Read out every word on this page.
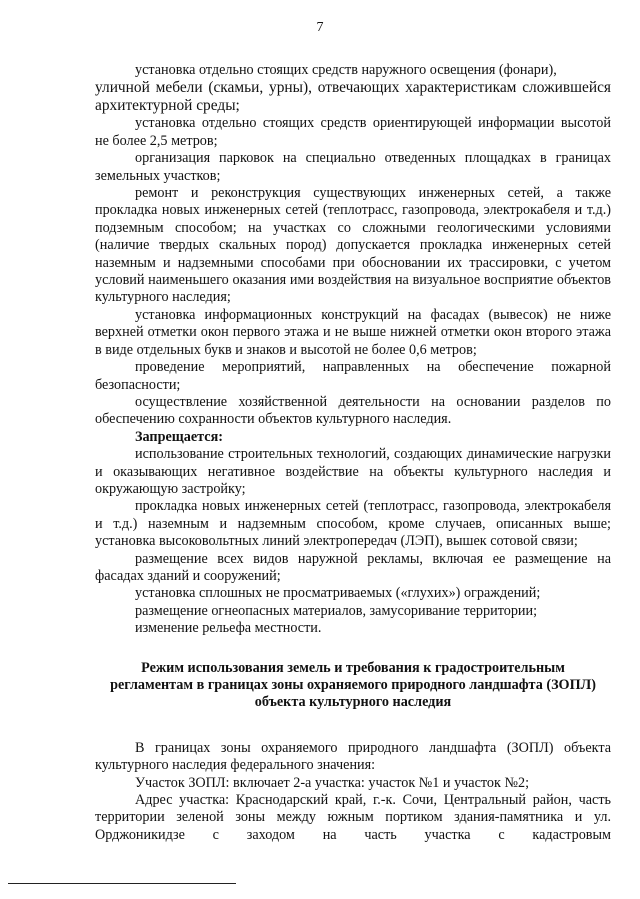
7

установка отдельно стоящих средств наружного освещения (фонари),

уличной мебели (скамьи, урны), отвечающих характеристикам сложившейся архитектурной среды;

установка отдельно стоящих средств ориентирующей информации высотой не более 2,5 метров;

организация парковок на специально отведенных площадках в границах земельных участков;

ремонт и реконструкция существующих инженерных сетей, а также прокладка новых инженерных сетей (теплотрасс, газопровода, электрокабеля и т.д.) подземным способом; на участках со сложными геологическими условиями (наличие твердых скальных пород) допускается прокладка инженерных сетей наземным и надземными способами при обосновании их трассировки, с учетом условий наименьшего оказания ими воздействия на визуальное восприятие объектов культурного наследия;

установка информационных конструкций на фасадах (вывесок) не ниже верхней отметки окон первого этажа и не выше нижней отметки окон второго этажа в виде отдельных букв и знаков и высотой не более 0,6 метров;

проведение мероприятий, направленных на обеспечение пожарной безопасности;

осуществление хозяйственной деятельности на основании разделов по обеспечению сохранности объектов культурного наследия.

Запрещается:

использование строительных технологий, создающих динамические нагрузки и оказывающих негативное воздействие на объекты культурного наследия и окружающую застройку;

прокладка новых инженерных сетей (теплотрасс, газопровода, электрокабеля и т.д.) наземным и надземным способом, кроме случаев, описанных выше; установка высоковольтных линий электропередач (ЛЭП), вышек сотовой связи;

размещение всех видов наружной рекламы, включая ее размещение на фасадах зданий и сооружений;

установка сплошных не просматриваемых («глухих») ограждений;

размещение огнеопасных материалов, замусоривание территории;

изменение рельефа местности.

Режим использования земель и требования к градостроительным
регламентам в границах зоны охраняемого природного ландшафта (ЗОПЛ)
объекта культурного наследия

В границах зоны охраняемого природного ландшафта (ЗОПЛ) объекта культурного наследия федерального значения:

Участок ЗОПЛ: включает 2-а участка: участок №1 и участок №2;

Адрес участка: Краснодарский край, г.-к. Сочи, Центральный район, часть территории зеленой зоны между южным портиком здания-памятника и ул. Орджоникидзе с заходом на часть участка с кадастровым
